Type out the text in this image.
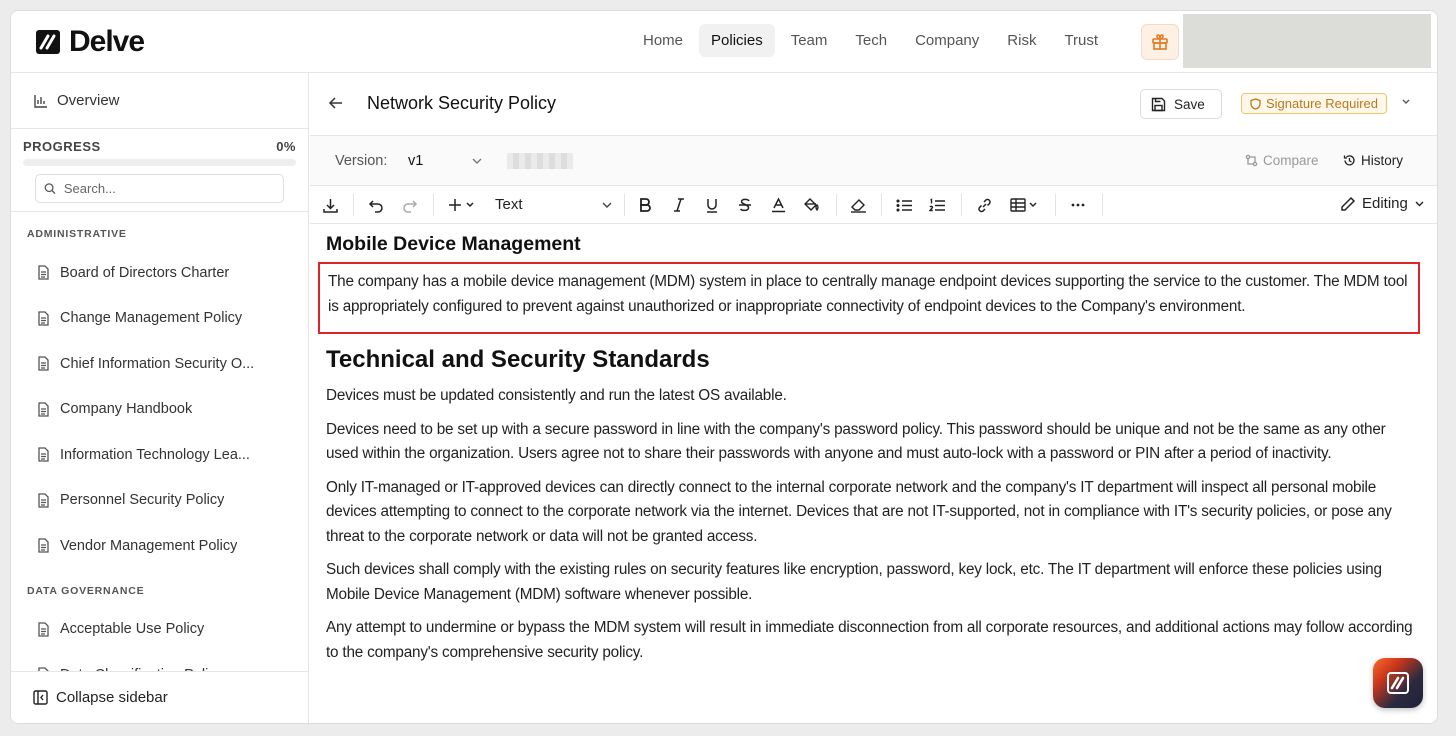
Delve	Home	Policies	Team	Tech	Company	Risk	Trust
Overview
PROGRESS	0%
Search...
ADMINISTRATIVE
Board of Directors Charter
Change Management Policy
Chief Information Security O...
Company Handbook
Information Technology Lea...
Personnel Security Policy
Vendor Management Policy
DATA GOVERNANCE
Acceptable Use Policy
Collapse sidebar
Network Security Policy	Save	Signature Required
Version: v1	Compare	History
Text	Editing
Mobile Device Management

The company has a mobile device management (MDM) system in place to centrally manage endpoint devices supporting the service to the customer. The MDM tool is appropriately configured to prevent against unauthorized or inappropriate connectivity of endpoint devices to the Company's environment.

Technical and Security Standards

Devices must be updated consistently and run the latest OS available.

Devices need to be set up with a secure password in line with the company's password policy. This password should be unique and not be the same as any other used within the organization. Users agree not to share their passwords with anyone and must auto-lock with a password or PIN after a period of inactivity.

Only IT-managed or IT-approved devices can directly connect to the internal corporate network and the company's IT department will inspect all personal mobile devices attempting to connect to the corporate network via the internet. Devices that are not IT-supported, not in compliance with IT's security policies, or pose any threat to the corporate network or data will not be granted access.

Such devices shall comply with the existing rules on security features like encryption, password, key lock, etc. The IT department will enforce these policies using Mobile Device Management (MDM) software whenever possible.

Any attempt to undermine or bypass the MDM system will result in immediate disconnection from all corporate resources, and additional actions may follow according to the company's comprehensive security policy.
